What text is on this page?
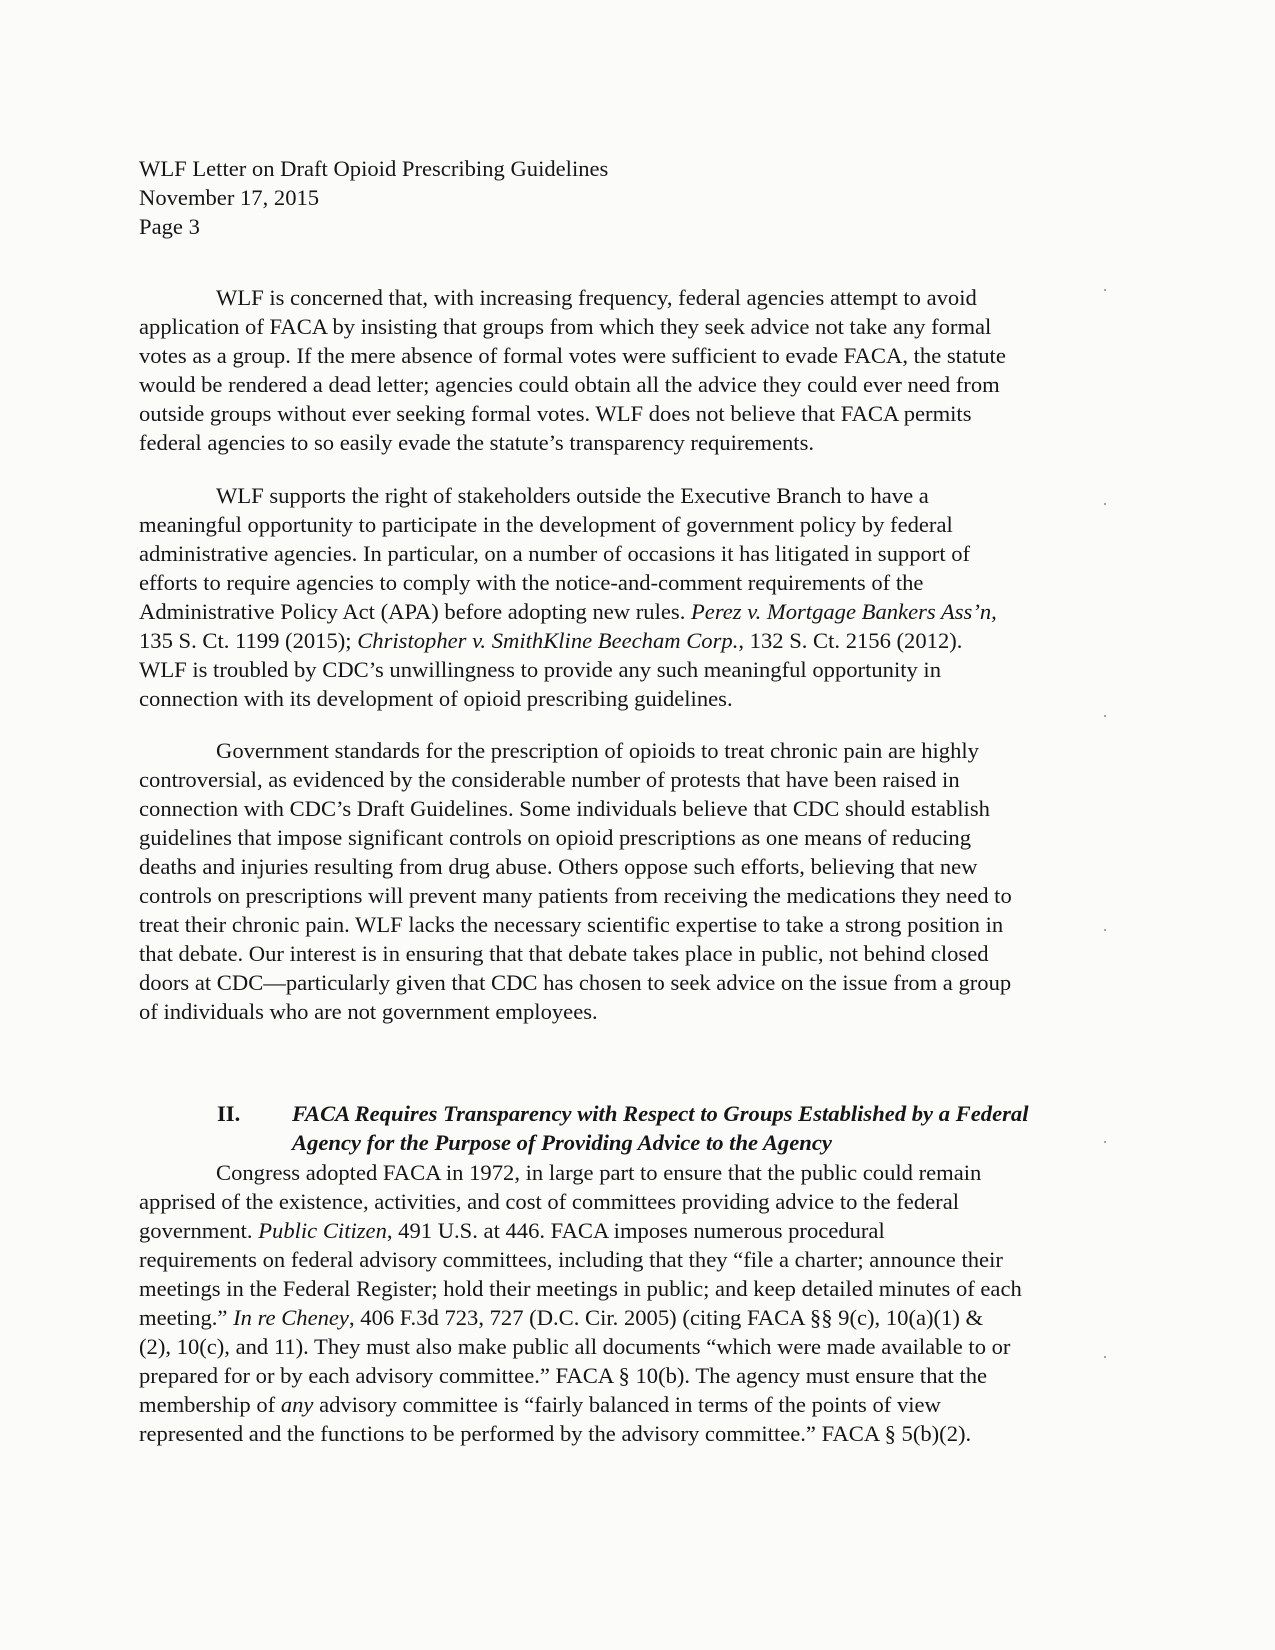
WLF Letter on Draft Opioid Prescribing Guidelines
November 17, 2015
Page 3
WLF is concerned that, with increasing frequency, federal agencies attempt to avoid
application of FACA by insisting that groups from which they seek advice not take any formal
votes as a group. If the mere absence of formal votes were sufficient to evade FACA, the statute
would be rendered a dead letter; agencies could obtain all the advice they could ever need from
outside groups without ever seeking formal votes. WLF does not believe that FACA permits
federal agencies to so easily evade the statute’s transparency requirements.
WLF supports the right of stakeholders outside the Executive Branch to have a
meaningful opportunity to participate in the development of government policy by federal
administrative agencies. In particular, on a number of occasions it has litigated in support of
efforts to require agencies to comply with the notice-and-comment requirements of the
Administrative Policy Act (APA) before adopting new rules. Perez v. Mortgage Bankers Ass’n,
135 S. Ct. 1199 (2015); Christopher v. SmithKline Beecham Corp., 132 S. Ct. 2156 (2012).
WLF is troubled by CDC’s unwillingness to provide any such meaningful opportunity in
connection with its development of opioid prescribing guidelines.
Government standards for the prescription of opioids to treat chronic pain are highly
controversial, as evidenced by the considerable number of protests that have been raised in
connection with CDC’s Draft Guidelines. Some individuals believe that CDC should establish
guidelines that impose significant controls on opioid prescriptions as one means of reducing
deaths and injuries resulting from drug abuse. Others oppose such efforts, believing that new
controls on prescriptions will prevent many patients from receiving the medications they need to
treat their chronic pain. WLF lacks the necessary scientific expertise to take a strong position in
that debate. Our interest is in ensuring that that debate takes place in public, not behind closed
doors at CDC—particularly given that CDC has chosen to seek advice on the issue from a group
of individuals who are not government employees.
II. FACA Requires Transparency with Respect to Groups Established by a Federal
Agency for the Purpose of Providing Advice to the Agency
Congress adopted FACA in 1972, in large part to ensure that the public could remain
apprised of the existence, activities, and cost of committees providing advice to the federal
government. Public Citizen, 491 U.S. at 446. FACA imposes numerous procedural
requirements on federal advisory committees, including that they “file a charter; announce their
meetings in the Federal Register; hold their meetings in public; and keep detailed minutes of each
meeting.” In re Cheney, 406 F.3d 723, 727 (D.C. Cir. 2005) (citing FACA §§ 9(c), 10(a)(1) &
(2), 10(c), and 11). They must also make public all documents “which were made available to or
prepared for or by each advisory committee.” FACA § 10(b). The agency must ensure that the
membership of any advisory committee is “fairly balanced in terms of the points of view
represented and the functions to be performed by the advisory committee.” FACA § 5(b)(2).
